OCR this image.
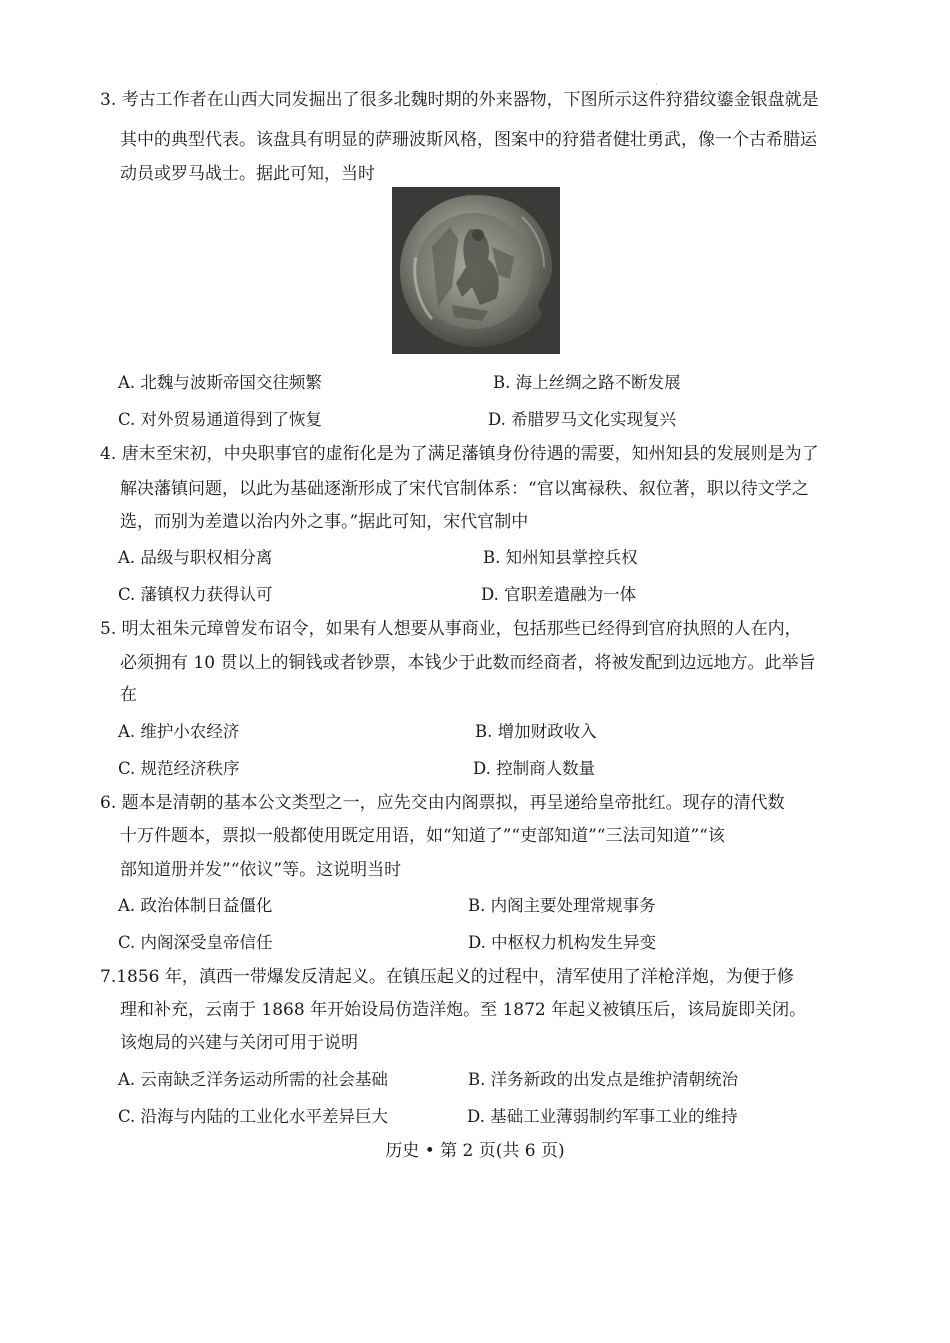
·
3. 考古工作者在山西大同发掘出了很多北魏时期的外来器物，下图所示这件狩猎纹鎏金银盘就是
其中的典型代表。该盘具有明显的萨珊波斯风格，图案中的狩猎者健壮勇武，像一个古希腊运
动员或罗马战士。据此可知，当时
A. 北魏与波斯帝国交往频繁	B. 海上丝绸之路不断发展
C. 对外贸易通道得到了恢复	D. 希腊罗马文化实现复兴
4. 唐末至宋初，中央职事官的虚衔化是为了满足藩镇身份待遇的需要，知州知县的发展则是为了
解决藩镇问题，以此为基础逐渐形成了宋代官制体系：“官以寓禄秩、叙位著，职以待文学之
选，而别为差遣以治内外之事。”据此可知，宋代官制中
A. 品级与职权相分离	B. 知州知县掌控兵权
C. 藩镇权力获得认可	D. 官职差遣融为一体
5. 明太祖朱元璋曾发布诏令，如果有人想要从事商业，包括那些已经得到官府执照的人在内，
必须拥有 10 贯以上的铜钱或者钞票，本钱少于此数而经商者，将被发配到边远地方。此举旨
在
A. 维护小农经济	B. 增加财政收入
C. 规范经济秩序	D. 控制商人数量
6. 题本是清朝的基本公文类型之一，应先交由内阁票拟，再呈递给皇帝批红。现存的清代数
十万件题本，票拟一般都使用既定用语，如“知道了”“吏部知道”“三法司知道”“该
部知道册并发”“依议”等。这说明当时
A. 政治体制日益僵化	B. 内阁主要处理常规事务
C. 内阁深受皇帝信任	D. 中枢权力机构发生异变
7.1856 年，滇西一带爆发反清起义。在镇压起义的过程中，清军使用了洋枪洋炮，为便于修
理和补充，云南于 1868 年开始设局仿造洋炮。至 1872 年起义被镇压后，该局旋即关闭。
该炮局的兴建与关闭可用于说明
A. 云南缺乏洋务运动所需的社会基础	B. 洋务新政的出发点是维护清朝统治
C. 沿海与内陆的工业化水平差异巨大	D. 基础工业薄弱制约军事工业的维持
历史 • 第 2 页(共 6 页)
